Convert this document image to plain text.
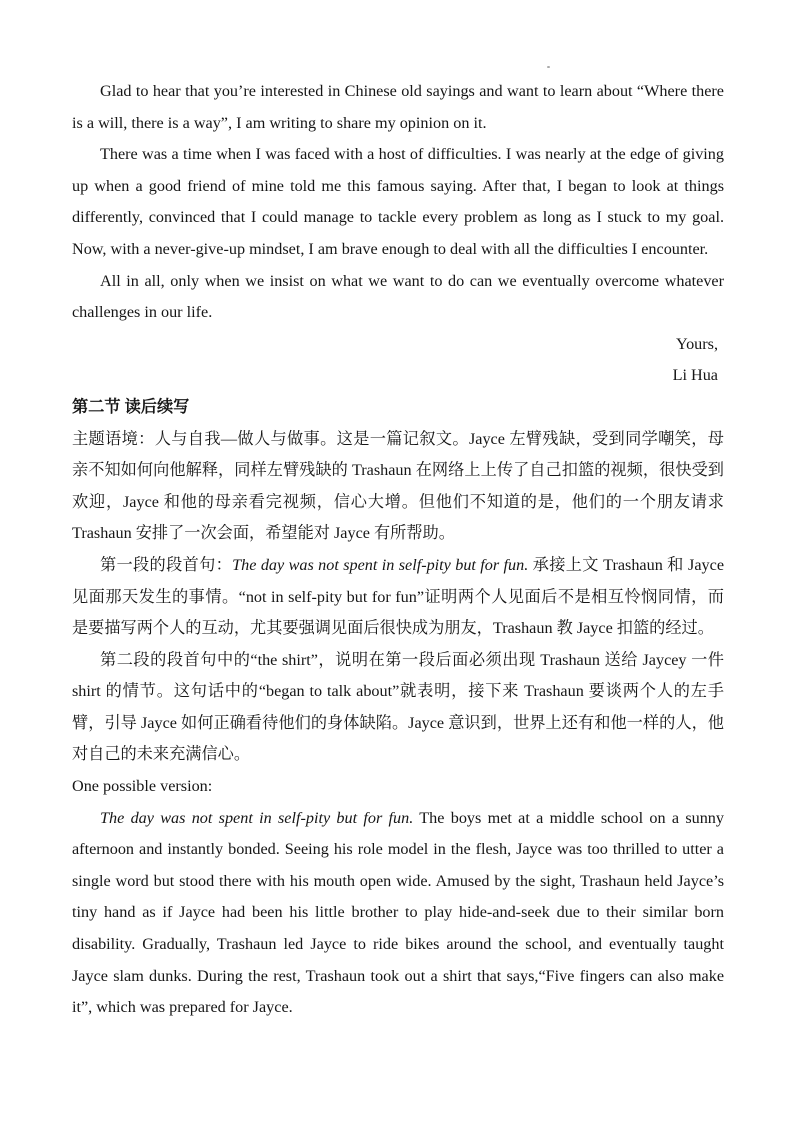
Glad to hear that you’re interested in Chinese old sayings and want to learn about “Where there is a will, there is a way”, I am writing to share my opinion on it.

There was a time when I was faced with a host of difficulties. I was nearly at the edge of giving up when a good friend of mine told me this famous saying. After that, I began to look at things differently, convinced that I could manage to tackle every problem as long as I stuck to my goal. Now, with a never-give-up mindset, I am brave enough to deal with all the difficulties I encounter.

All in all, only when we insist on what we want to do can we eventually overcome whatever challenges in our life.

Yours,

Li Hua

第二节 读后续写

主题语境：人与自我—做人与做事。这是一篇记叙文。Jayce 左臂残缺，受到同学嘲笑，母亲不知如何向他解释，同样左臂残缺的 Trashaun 在网络上上传了自己扣篮的视频，很快受到欢迎，Jayce 和他的母亲看完视频，信心大增。但他们不知道的是，他们的一个朋友请求 Trashaun 安排了一次会面，希望能对 Jayce 有所帮助。

第一段的段首句：The day was not spent in self-pity but for fun. 承接上文 Trashaun 和 Jayce 见面那天发生的事情。“not in self-pity but for fun”证明两个人见面后不是相互怜悯同情，而是要描写两个人的互动，尤其要强调见面后很快成为朋友，Trashaun 教 Jayce 扣篮的经过。

第二段的段首句中的“the shirt”，说明在第一段后面必须出现 Trashaun 送给 Jaycey 一件 shirt 的情节。这句话中的“began to talk about”就表明，接下来 Trashaun 要谈两个人的左手臂，引导 Jayce 如何正确看待他们的身体缺陷。Jayce 意识到，世界上还有和他一样的人，他对自己的未来充满信心。

One possible version:

The day was not spent in self-pity but for fun. The boys met at a middle school on a sunny afternoon and instantly bonded. Seeing his role model in the flesh, Jayce was too thrilled to utter a single word but stood there with his mouth open wide. Amused by the sight, Trashaun held Jayce’s tiny hand as if Jayce had been his little brother to play hide-and-seek due to their similar born disability. Gradually, Trashaun led Jayce to ride bikes around the school, and eventually taught Jayce slam dunks. During the rest, Trashaun took out a shirt that says,“Five fingers can also make it”, which was prepared for Jayce.
